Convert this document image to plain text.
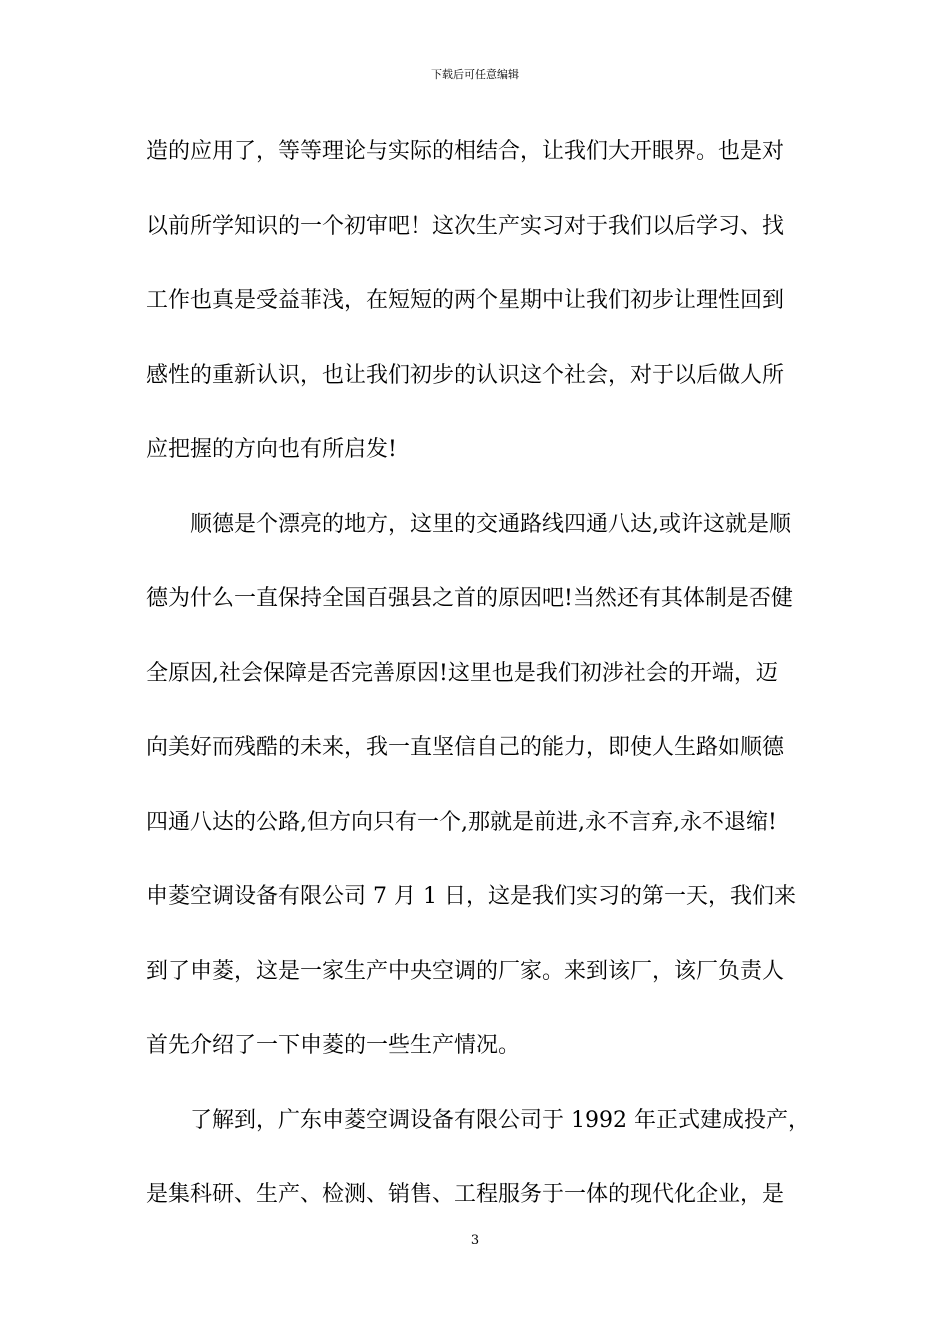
下载后可任意编辑
造的应用了，等等理论与实际的相结合，让我们大开眼界。也是对
以前所学知识的一个初审吧！这次生产实习对于我们以后学习、找
工作也真是受益菲浅，在短短的两个星期中让我们初步让理性回到
感性的重新认识，也让我们初步的认识这个社会，对于以后做人所
应把握的方向也有所启发!
顺德是个漂亮的地方，这里的交通路线四通八达,或许这就是顺
德为什么一直保持全国百强县之首的原因吧!当然还有其体制是否健
全原因,社会保障是否完善原因!这里也是我们初涉社会的开端，迈
向美好而残酷的未来，我一直坚信自己的能力，即使人生路如顺德
四通八达的公路,但方向只有一个,那就是前进,永不言弃,永不退缩!
申菱空调设备有限公司 7 月 1 日，这是我们实习的第一天，我们来
到了申菱，这是一家生产中央空调的厂家。来到该厂，该厂负责人
首先介绍了一下申菱的一些生产情况。
了解到，广东申菱空调设备有限公司于 1992 年正式建成投产，
是集科研、生产、检测、销售、工程服务于一体的现代化企业，是
3
